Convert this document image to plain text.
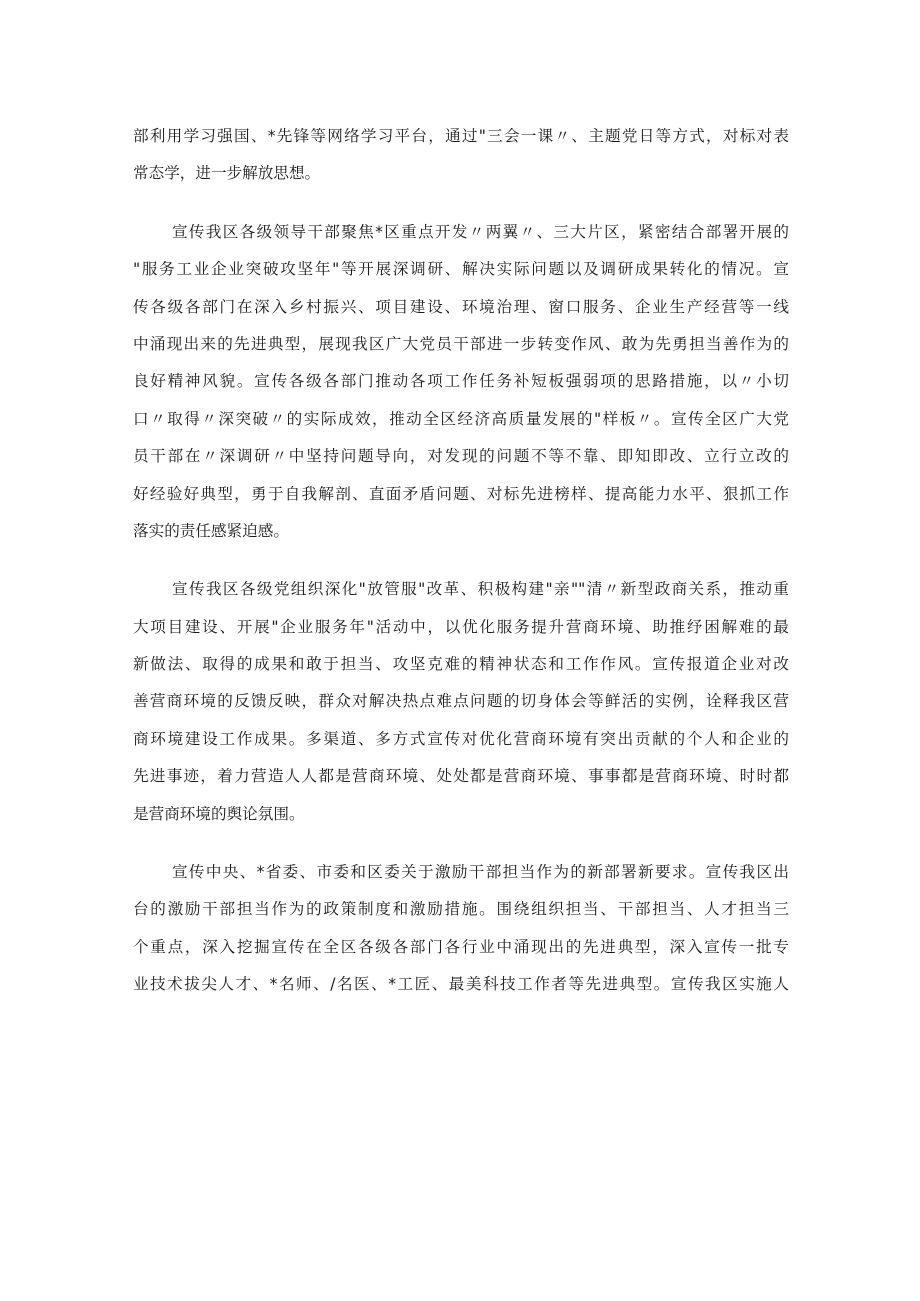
部利用学习强国、*先锋等网络学习平台，通过"三会一课〃、主题党日等方式，对标对表
常态学，进一步解放思想。
宣传我区各级领导干部聚焦*区重点开发〃两翼〃、三大片区，紧密结合部署开展的
"服务工业企业突破攻坚年"等开展深调研、解决实际问题以及调研成果转化的情况。宣
传各级各部门在深入乡村振兴、项目建设、环境治理、窗口服务、企业生产经营等一线
中涌现出来的先进典型，展现我区广大党员干部进一步转变作风、敢为先勇担当善作为的
良好精神风貌。宣传各级各部门推动各项工作任务补短板强弱项的思路措施，以〃小切
口〃取得〃深突破〃的实际成效，推动全区经济高质量发展的"样板〃。宣传全区广大党
员干部在〃深调研〃中坚持问题导向，对发现的问题不等不靠、即知即改、立行立改的
好经验好典型，勇于自我解剖、直面矛盾问题、对标先进榜样、提高能力水平、狠抓工作
落实的责任感紧迫感。
宣传我区各级党组织深化"放管服"改革、积极构建"亲""清〃新型政商关系，推动重
大项目建设、开展"企业服务年"活动中，以优化服务提升营商环境、助推纾困解难的最
新做法、取得的成果和敢于担当、攻坚克难的精神状态和工作作风。宣传报道企业对改
善营商环境的反馈反映，群众对解决热点难点问题的切身体会等鲜活的实例，诠释我区营
商环境建设工作成果。多渠道、多方式宣传对优化营商环境有突出贡献的个人和企业的
先进事迹，着力营造人人都是营商环境、处处都是营商环境、事事都是营商环境、时时都
是营商环境的舆论氛围。
宣传中央、*省委、市委和区委关于激励干部担当作为的新部署新要求。宣传我区出
台的激励干部担当作为的政策制度和激励措施。围绕组织担当、干部担当、人才担当三
个重点，深入挖掘宣传在全区各级各部门各行业中涌现出的先进典型，深入宣传一批专
业技术拔尖人才、*名师、/名医、*工匠、最美科技工作者等先进典型。宣传我区实施人
